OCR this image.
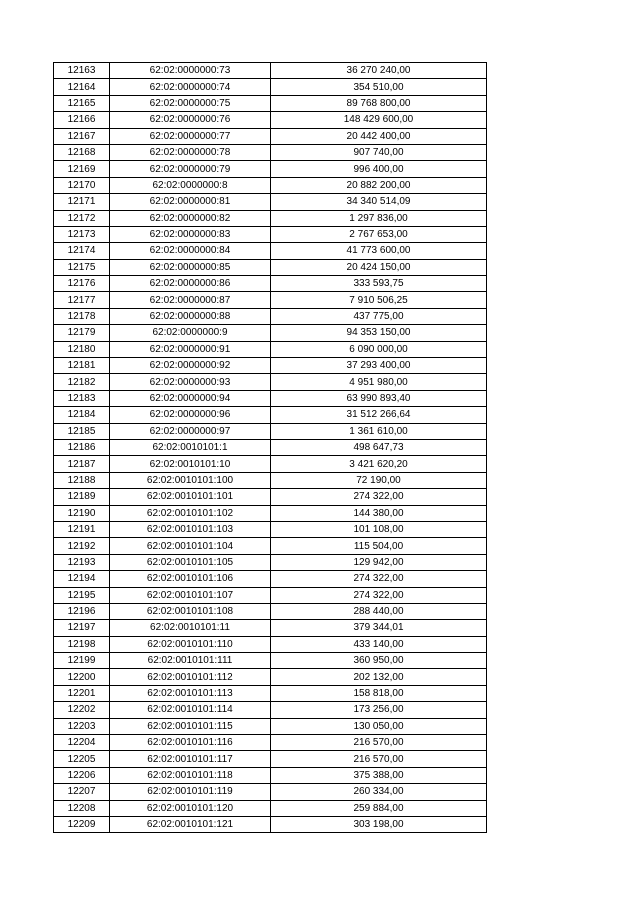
12163	62:02:0000000:73	36 270 240,00
12164	62:02:0000000:74	354 510,00
12165	62:02:0000000:75	89 768 800,00
12166	62:02:0000000:76	148 429 600,00
12167	62:02:0000000:77	20 442 400,00
12168	62:02:0000000:78	907 740,00
12169	62:02:0000000:79	996 400,00
12170	62:02:0000000:8	20 882 200,00
12171	62:02:0000000:81	34 340 514,09
12172	62:02:0000000:82	1 297 836,00
12173	62:02:0000000:83	2 767 653,00
12174	62:02:0000000:84	41 773 600,00
12175	62:02:0000000:85	20 424 150,00
12176	62:02:0000000:86	333 593,75
12177	62:02:0000000:87	7 910 506,25
12178	62:02:0000000:88	437 775,00
12179	62:02:0000000:9	94 353 150,00
12180	62:02:0000000:91	6 090 000,00
12181	62:02:0000000:92	37 293 400,00
12182	62:02:0000000:93	4 951 980,00
12183	62:02:0000000:94	63 990 893,40
12184	62:02:0000000:96	31 512 266,64
12185	62:02:0000000:97	1 361 610,00
12186	62:02:0010101:1	498 647,73
12187	62:02:0010101:10	3 421 620,20
12188	62:02:0010101:100	72 190,00
12189	62:02:0010101:101	274 322,00
12190	62:02:0010101:102	144 380,00
12191	62:02:0010101:103	101 108,00
12192	62:02:0010101:104	115 504,00
12193	62:02:0010101:105	129 942,00
12194	62:02:0010101:106	274 322,00
12195	62:02:0010101:107	274 322,00
12196	62:02:0010101:108	288 440,00
12197	62:02:0010101:11	379 344,01
12198	62:02:0010101:110	433 140,00
12199	62:02:0010101:111	360 950,00
12200	62:02:0010101:112	202 132,00
12201	62:02:0010101:113	158 818,00
12202	62:02:0010101:114	173 256,00
12203	62:02:0010101:115	130 050,00
12204	62:02:0010101:116	216 570,00
12205	62:02:0010101:117	216 570,00
12206	62:02:0010101:118	375 388,00
12207	62:02:0010101:119	260 334,00
12208	62:02:0010101:120	259 884,00
12209	62:02:0010101:121	303 198,00
